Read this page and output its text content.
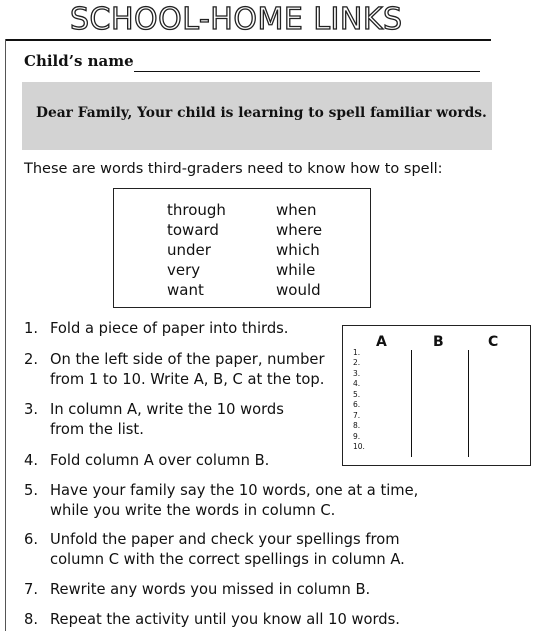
SCHOOL-HOME LINKS
Child’s name
Dear Family, Your child is learning to spell familiar words.
These are words third-graders need to know how to spell:
through
toward
under
very
want
when
where
which
while
would
1. Fold a piece of paper into thirds.
2. On the left side of the paper, number
from 1 to 10. Write A, B, C at the top.
3. In column A, write the 10 words
from the list.
4. Fold column A over column B.
5. Have your family say the 10 words, one at a time,
while you write the words in column C.
6. Unfold the paper and check your spellings from
column C with the correct spellings in column A.
7. Rewrite any words you missed in column B.
8. Repeat the activity until you know all 10 words.
A	B	C
1.
2.
3.
4.
5.
6.
7.
8.
9.
10.
